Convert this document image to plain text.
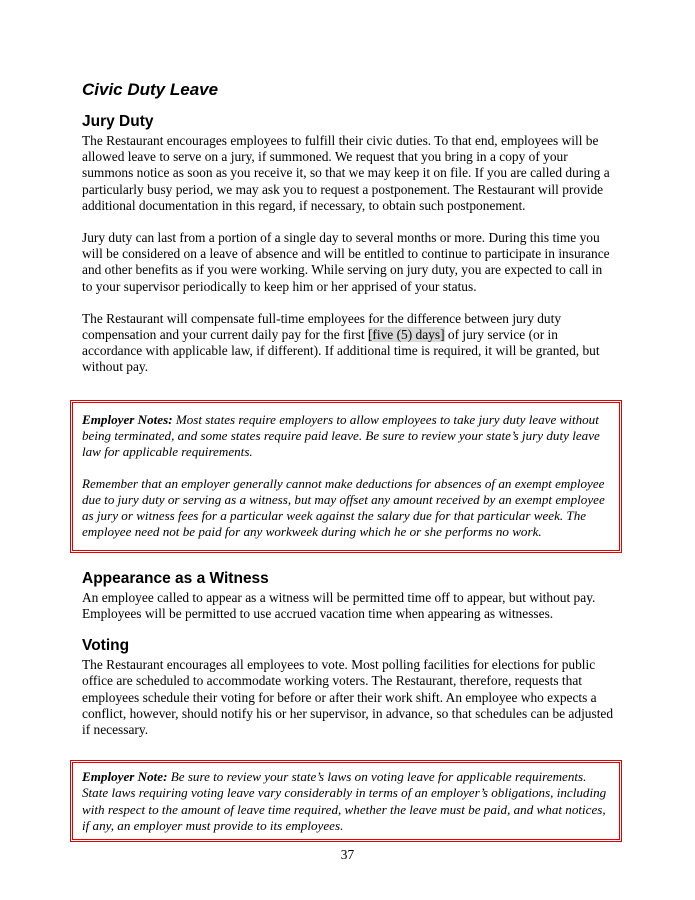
Civic Duty Leave
Jury Duty

The Restaurant encourages employees to fulfill their civic duties. To that end, employees will be allowed leave to serve on a jury, if summoned. We request that you bring in a copy of your summons notice as soon as you receive it, so that we may keep it on file. If you are called during a particularly busy period, we may ask you to request a postponement. The Restaurant will provide additional documentation in this regard, if necessary, to obtain such postponement.

Jury duty can last from a portion of a single day to several months or more. During this time you will be considered on a leave of absence and will be entitled to continue to participate in insurance and other benefits as if you were working. While serving on jury duty, you are expected to call in to your supervisor periodically to keep him or her apprised of your status.

The Restaurant will compensate full-time employees for the difference between jury duty compensation and your current daily pay for the first [five (5) days] of jury service (or in accordance with applicable law, if different). If additional time is required, it will be granted, but without pay.

Employer Notes: Most states require employers to allow employees to take jury duty leave without being terminated, and some states require paid leave. Be sure to review your state’s jury duty leave law for applicable requirements.

Remember that an employer generally cannot make deductions for absences of an exempt employee due to jury duty or serving as a witness, but may offset any amount received by an exempt employee as jury or witness fees for a particular week against the salary due for that particular week. The employee need not be paid for any workweek during which he or she performs no work.

Appearance as a Witness

An employee called to appear as a witness will be permitted time off to appear, but without pay. Employees will be permitted to use accrued vacation time when appearing as witnesses.

Voting

The Restaurant encourages all employees to vote. Most polling facilities for elections for public office are scheduled to accommodate working voters. The Restaurant, therefore, requests that employees schedule their voting for before or after their work shift. An employee who expects a conflict, however, should notify his or her supervisor, in advance, so that schedules can be adjusted if necessary.

Employer Note: Be sure to review your state’s laws on voting leave for applicable requirements. State laws requiring voting leave vary considerably in terms of an employer’s obligations, including with respect to the amount of leave time required, whether the leave must be paid, and what notices, if any, an employer must provide to its employees.

37
